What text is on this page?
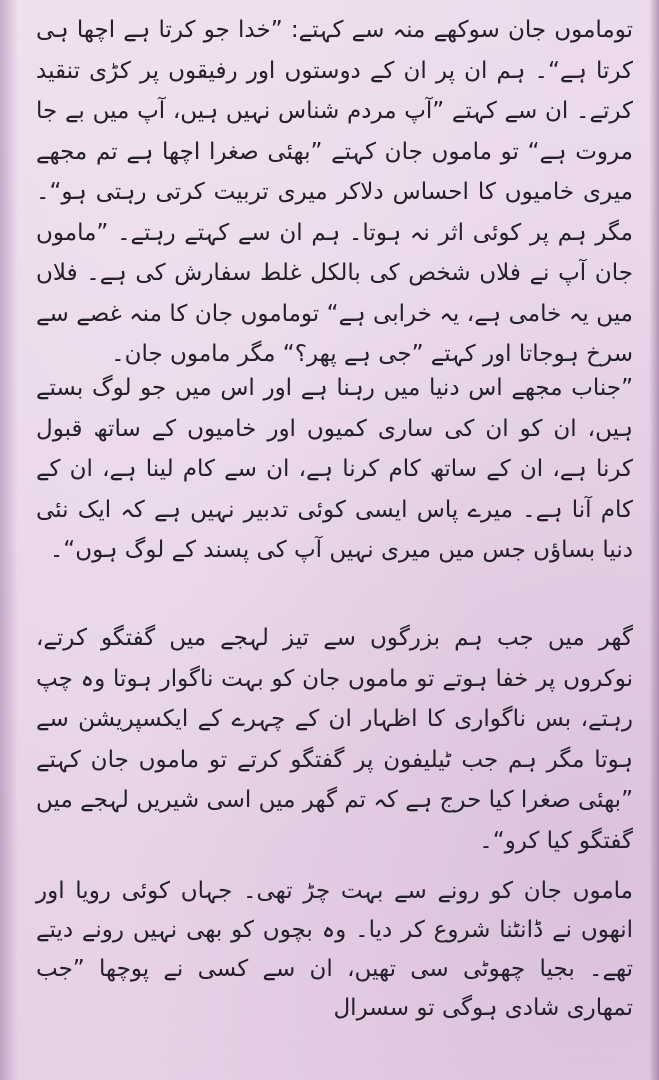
توماموں جان سوکھے منہ سے کہتے: ”خدا جو کرتا ہے اچھا ہی کرتا ہے“۔ ہم ان پر ان کے دوستوں اور رفیقوں پر کڑی تنقید کرتے۔ ان سے کہتے ”آپ مردم شناس نہیں ہیں، آپ میں بے جا مروت ہے“ تو ماموں جان کہتے ”بھئی صغرا اچھا ہے تم مجھے میری خامیوں کا احساس دلاکر میری تربیت کرتی رہتی ہو“۔ مگر ہم پر کوئی اثر نہ ہوتا۔ ہم ان سے کہتے رہتے۔ ”ماموں جان آپ نے فلاں شخص کی بالکل غلط سفارش کی ہے۔ فلاں میں یہ خامی ہے، یہ خرابی ہے“ توماموں جان کا منہ غصے سے سرخ ہوجاتا اور کہتے ”جی ہے پھر؟“ مگر ماموں جان۔

”جناب مجھے اس دنیا میں رہنا ہے اور اس میں جو لوگ بستے ہیں، ان کو ان کی ساری کمیوں اور خامیوں کے ساتھ قبول کرنا ہے، ان کے ساتھ کام کرنا ہے، ان سے کام لینا ہے، ان کے کام آنا ہے۔ میرے پاس ایسی کوئی تدبیر نہیں ہے کہ ایک نئی دنیا بساؤں جس میں میری نہیں آپ کی پسند کے لوگ ہوں“۔

گھر میں جب ہم بزرگوں سے تیز لہجے میں گفتگو کرتے، نوکروں پر خفا ہوتے تو ماموں جان کو بہت ناگوار ہوتا وہ چپ رہتے، بس ناگواری کا اظہار ان کے چہرے کے ایکسپریشن سے ہوتا مگر ہم جب ٹیلیفون پر گفتگو کرتے تو ماموں جان کہتے ”بھئی صغرا کیا حرج ہے کہ تم گھر میں اسی شیریں لہجے میں گفتگو کیا کرو“۔

ماموں جان کو رونے سے بہت چڑ تھی۔ جہاں کوئی رویا اور انھوں نے ڈانٹنا شروع کر دیا۔ وہ بچوں کو بھی نہیں رونے دیتے تھے۔ بجیا چھوٹی سی تھیں، ان سے کسی نے پوچھا ”جب تمھاری شادی ہوگی تو سسرال
